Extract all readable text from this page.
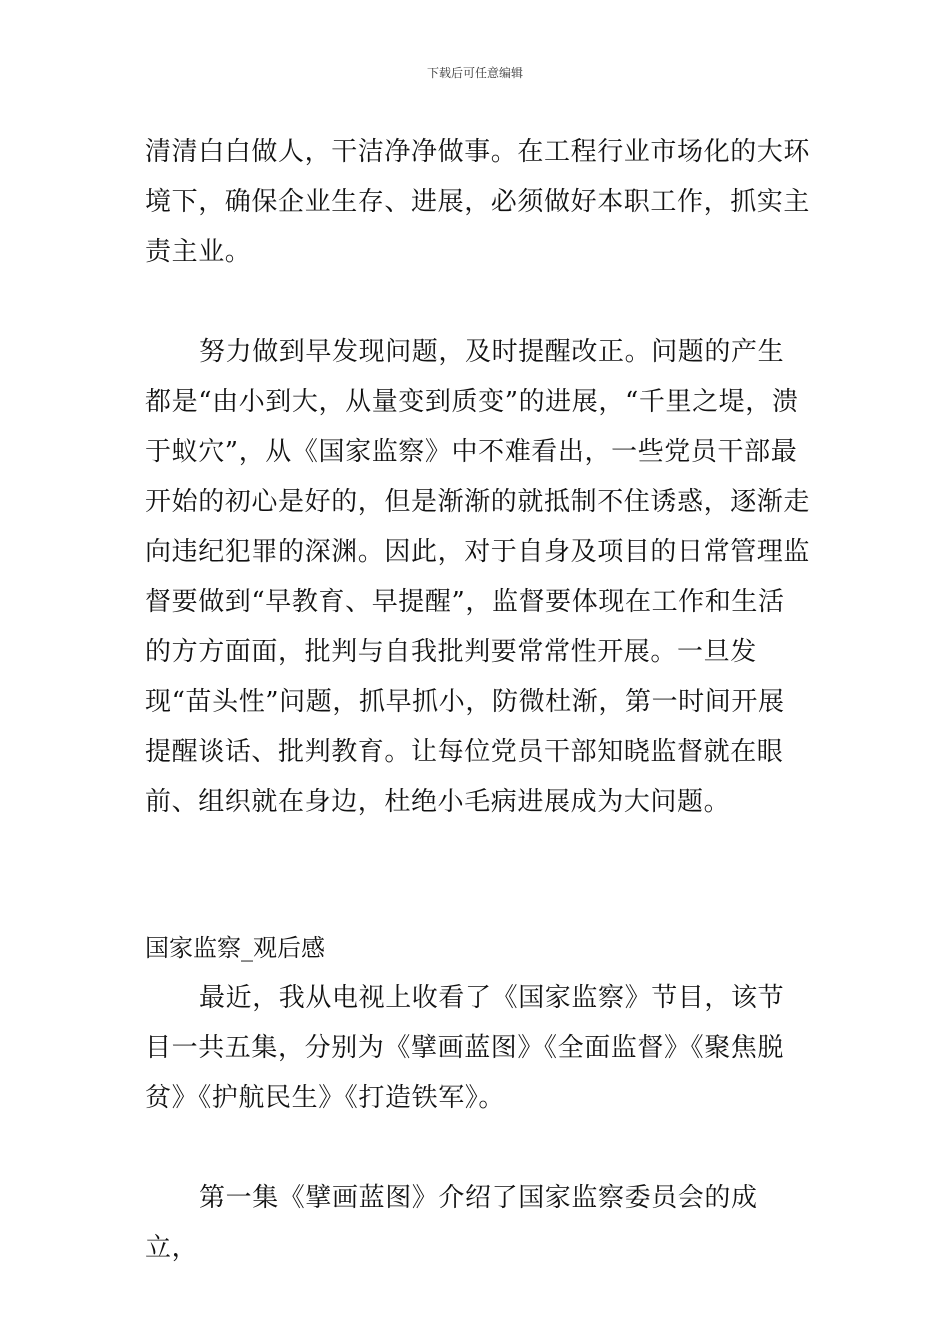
下载后可任意编辑

清清白白做人，干洁净净做事。在工程行业市场化的大环境下，确保企业生存、进展，必须做好本职工作，抓实主责主业。

努力做到早发现问题，及时提醒改正。问题的产生都是“由小到大，从量变到质变”的进展，“千里之堤，溃于蚁穴”，从《国家监察》中不难看出，一些党员干部最开始的初心是好的，但是渐渐的就抵制不住诱惑，逐渐走向违纪犯罪的深渊。因此，对于自身及项目的日常管理监督要做到“早教育、早提醒”，监督要体现在工作和生活的方方面面，批判与自我批判要常常性开展。一旦发现“苗头性”问题，抓早抓小，防微杜渐，第一时间开展提醒谈话、批判教育。让每位党员干部知晓监督就在眼前、组织就在身边，杜绝小毛病进展成为大问题。

国家监察_观后感

最近，我从电视上收看了《国家监察》节目，该节目一共五集，分别为《擘画蓝图》《全面监督》《聚焦脱贫》《护航民生》《打造铁军》。

第一集《擘画蓝图》介绍了国家监察委员会的成立，
